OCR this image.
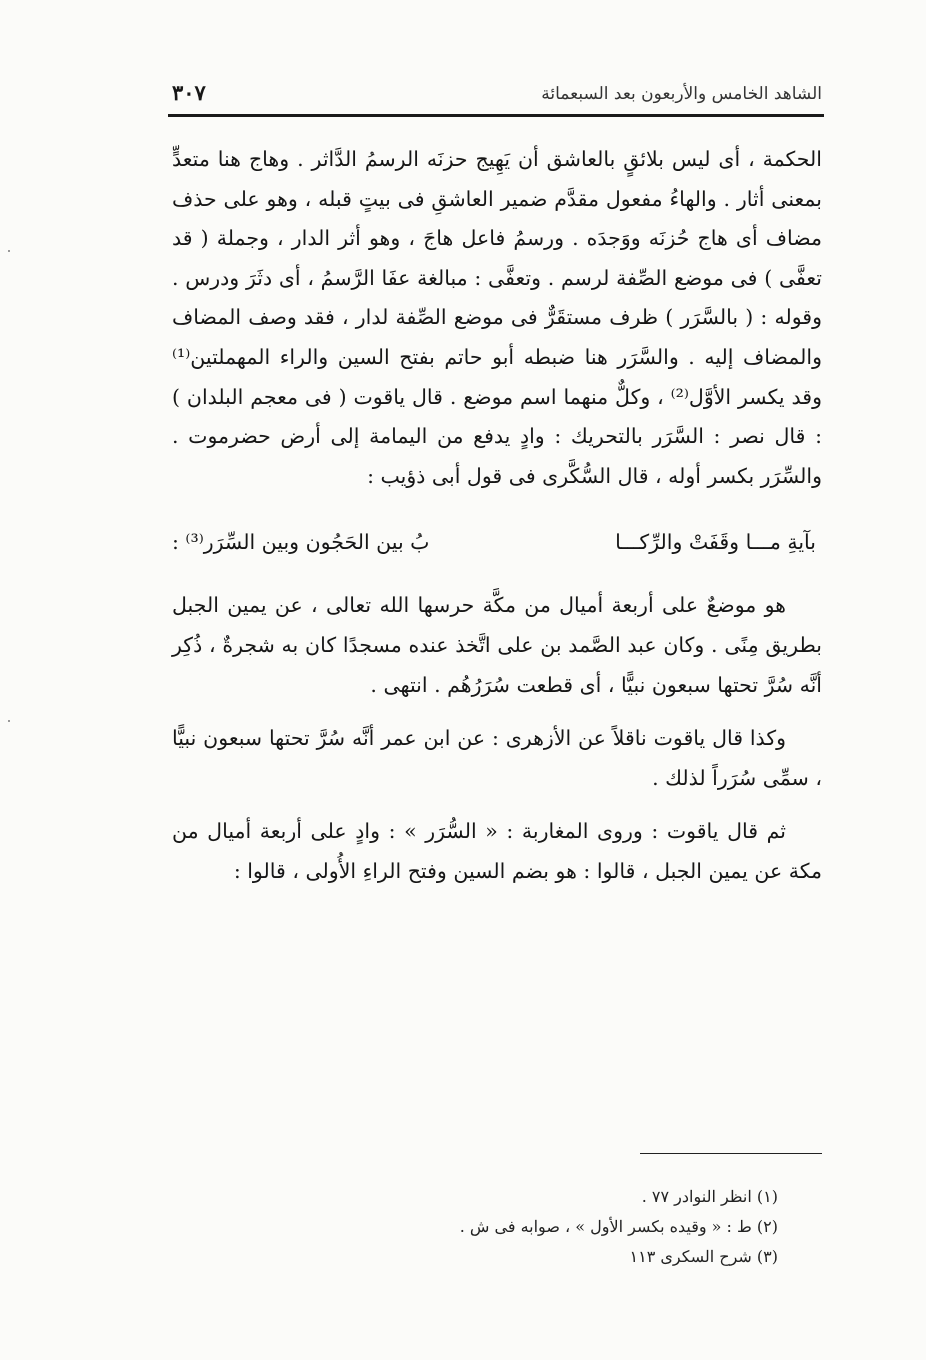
الشاهد الخامس والأربعون بعد السبعمائة
٣٠٧

الحكمة ، أى ليس بلائقٍ بالعاشق أن يَهِيج حزنَه الرسمُ الدَّاثر . وهاج هنا متعدٍّ بمعنى أثار . والهاءُ مفعول مقدَّم ضمير العاشقِ فى بيتٍ قبله ، وهو على حذف مضاف أى هاج حُزنَه ووَجدَه . ورسمُ فاعل هاجَ ، وهو أثر الدار ، وجملة ( قد تعفَّى ) فى موضع الصِّفة لرسم . وتعفَّى : مبالغة عفَا الرَّسمُ ، أى دثَرَ ودرس . وقوله : ( بالسَّرَر ) ظرف مستقَرٌّ فى موضع الصِّفة لدار ، فقد وصف المضاف والمضاف إليه . والسَّرَر هنا ضبطه أبو حاتم بفتح السين والراء المهملتين⁽¹⁾ وقد يكسر الأوَّل⁽²⁾ ، وكلٌّ منهما اسم موضع . قال ياقوت ( فى معجم البلدان ) : قال نصر : السَّرَر بالتحريك : وادٍ يدفع من اليمامة إلى أرض حضرموت . والسِّرَر بكسر أوله ، قال السُّكَّرى فى قول أبى ذؤيب :

بآيةِ مـــا وقَفَتْ والرِّكـــا
بُ بين الحَجُون وبين السِّرَر⁽³⁾ :

هو موضعٌ على أربعة أميال من مكَّة حرسها الله تعالى ، عن يمين الجبل بطريق مِنًى . وكان عبد الصَّمد بن على اتَّخذ عنده مسجدًا كان به شجرةٌ ، ذُكِر أنَّه سُرَّ تحتها سبعون نبيًّا ، أى قطعت سُرَرُهُم . انتهى .

وكذا قال ياقوت ناقلاً عن الأزهرى : عن ابن عمر أنَّه سُرَّ تحتها سبعون نبيًّا ، سمِّى سُرَراً لذلك .

ثم قال ياقوت : وروى المغاربة : « السُّرَر » : وادٍ على أربعة أميال من مكة عن يمين الجبل ، قالوا : هو بضم السين وفتح الراءِ الأُولى ، قالوا :

(١) انظر النوادر ٧٧ .
(٢) ط : « وقيده بكسر الأول » ، صوابه فى ش .
(٣) شرح السكرى ١١٣
